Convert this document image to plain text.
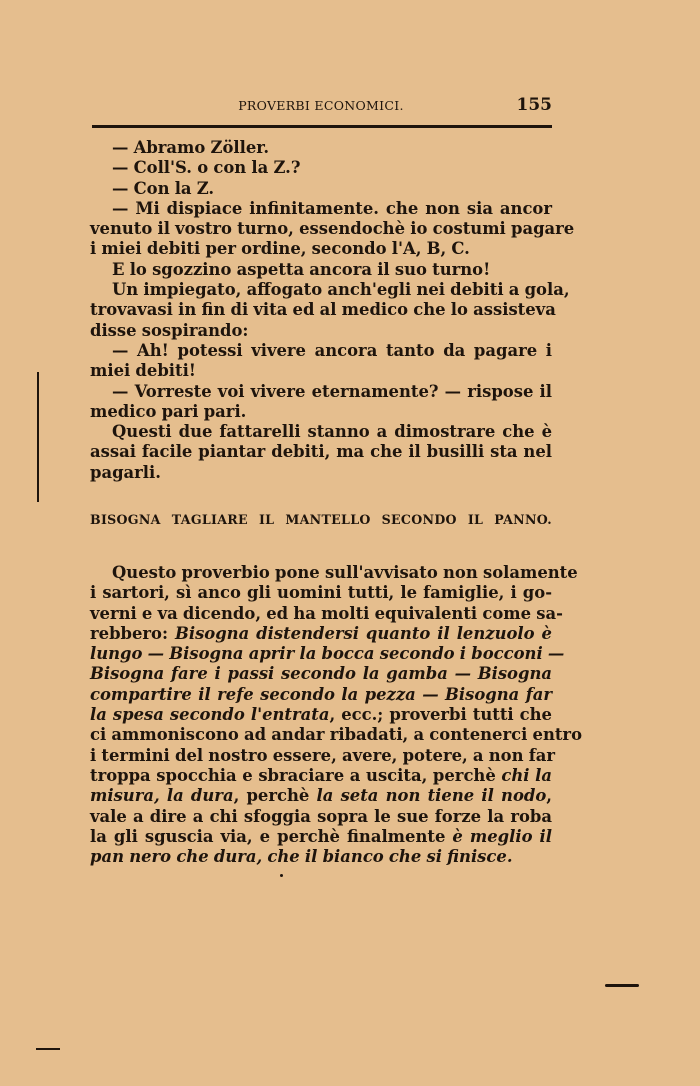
PROVERBI ECONOMICI.	155
— Abramo Zöller.
— Coll'S. o con la Z.?
— Con la Z.
— Mi dispiace infinitamente. che non sia ancor
venuto il vostro turno, essendochè io costumi pagare
i miei debiti per ordine, secondo l'A, B, C.
E lo sgozzino aspetta ancora il suo turno!
Un impiegato, affogato anch'egli nei debiti a gola,
trovavasi in fin di vita ed al medico che lo assisteva
disse sospirando:
— Ah! potessi vivere ancora tanto da pagare i
miei debiti!
— Vorreste voi vivere eternamente? — rispose il
medico pari pari.
Questi due fattarelli stanno a dimostrare che è
assai facile piantar debiti, ma che il busilli sta nel
pagarli.
BISOGNA TAGLIARE IL MANTELLO SECONDO IL PANNO.
Questo proverbio pone sull'avvisato non solamente
i sartori, sì anco gli uomini tutti, le famiglie, i go-
verni e va dicendo, ed ha molti equivalenti come sa-
rebbero: Bisogna distendersi quanto il lenzuolo è
lungo — Bisogna aprir la bocca secondo i bocconi —
Bisogna fare i passi secondo la gamba — Bisogna
compartire il refe secondo la pezza — Bisogna far
la spesa secondo l'entrata, ecc.; proverbi tutti che
ci ammoniscono ad andar ribadati, a contenerci entro
i termini del nostro essere, avere, potere, a non far
troppa spocchia e sbraciare a uscita, perchè chi la
misura, la dura, perchè la seta non tiene il nodo,
vale a dire a chi sfoggia sopra le sue forze la roba
la gli sguscia via, e perchè finalmente è meglio il
pan nero che dura, che il bianco che si finisce.
